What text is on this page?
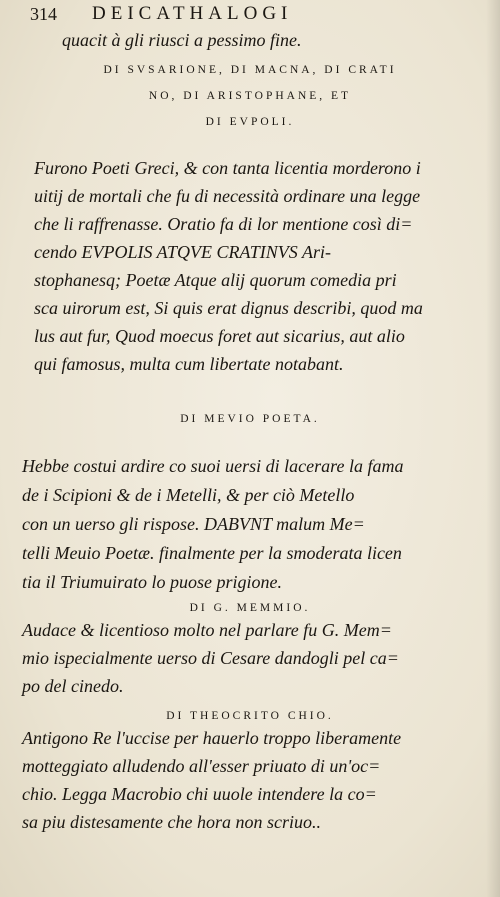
314 DEICATHALOGI
quacit à gli riusci a pessimo fine.
DI SVSARIONE, DI MACNA, DI CRATI
NO, DI ARISTOPHANE, ET
DI EVPOLI.
Furono Poeti Greci, & con tanta licentia morderono i
uitij de mortali che fu di necessità ordinare una legge
che li raffrenasse. Oratio fa di lor mentione così di=
cendo EVPOLIS ATQVE CRATINVS Ari-
stophanesq; Poetæ Atque alij quorum comedia pri
sca uirorum est, Si quis erat dignus describi, quod ma
lus aut fur, Quod moecus foret aut sicarius, aut alio
qui famosus, multa cum libertate notabant.
DI MEVIO POETA.
Hebbe costui ardire co suoi uersi di lacerare la fama
de i Scipioni & de i Metelli, & per ciò Metello
con un uerso gli rispose. DABVNT malum Me=
telli Meuio Poetæ. finalmente per la smoderata licen
tia il Triumuirato lo puose prigione.
DI G. MEMMIO.
Audace & licentioso molto nel parlare fu G. Mem=
mio ispecialmente uerso di Cesare dandogli pel ca=
po del cinedo.
DI THEOCRITO CHIO.
Antigono Re l'uccise per hauerlo troppo liberamente
motteggiato alludendo all'esser priuato di un'oc=
chio. Legga Macrobio chi uuole intendere la co=
sa piu distesamente che hora non scriuo..
